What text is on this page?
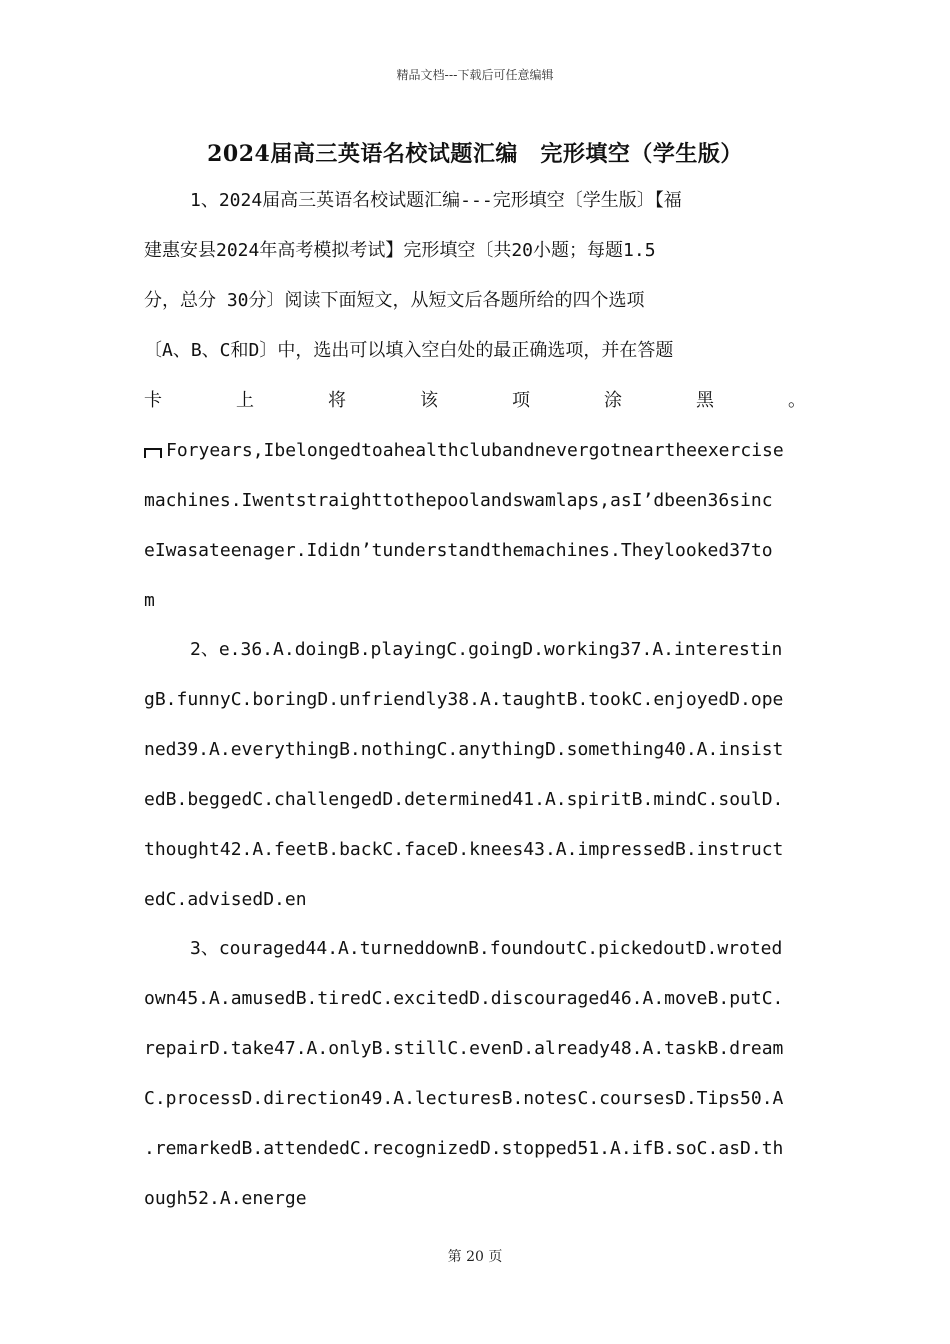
精品文档---下载后可任意编辑
2024届高三英语名校试题汇编　完形填空（学生版）
1、2024届高三英语名校试题汇编---完形填空〔学生版〕【福
建惠安县2024年高考模拟考试】完形填空〔共20小题；每题1.5
分，总分 30分〕阅读下面短文，从短文后各题所给的四个选项
〔A、B、C和D〕中，选出可以填入空白处的最正确选项，并在答题
卡	上	将	该	项	涂	黑	。
Foryears,Ibelongedtoahealthclubandnevergotneartheexercise
machines.Iwentstraighttothepoolandswamlaps,asI’dbeen36sinc
eIwasateenager.Ididn’tunderstandthemachines.Theylooked37to
m
2、e.36.A.doingB.playingC.goingD.working37.A.interestin
gB.funnyC.boringD.unfriendly38.A.taughtB.tookC.enjoyedD.ope
ned39.A.everythingB.nothingC.anythingD.something40.A.insist
edB.beggedC.challengedD.determined41.A.spiritB.mindC.soulD.
thought42.A.feetB.backC.faceD.knees43.A.impressedB.instruct
edC.advisedD.en
3、couraged44.A.turneddownB.foundoutC.pickedoutD.wroted
own45.A.amusedB.tiredC.excitedD.discouraged46.A.moveB.putC.
repairD.take47.A.onlyB.stillC.evenD.already48.A.taskB.dream
C.processD.direction49.A.lecturesB.notesC.coursesD.Tips50.A
.remarkedB.attendedC.recognizedD.stopped51.A.ifB.soC.asD.th
ough52.A.energe
第 20 页
